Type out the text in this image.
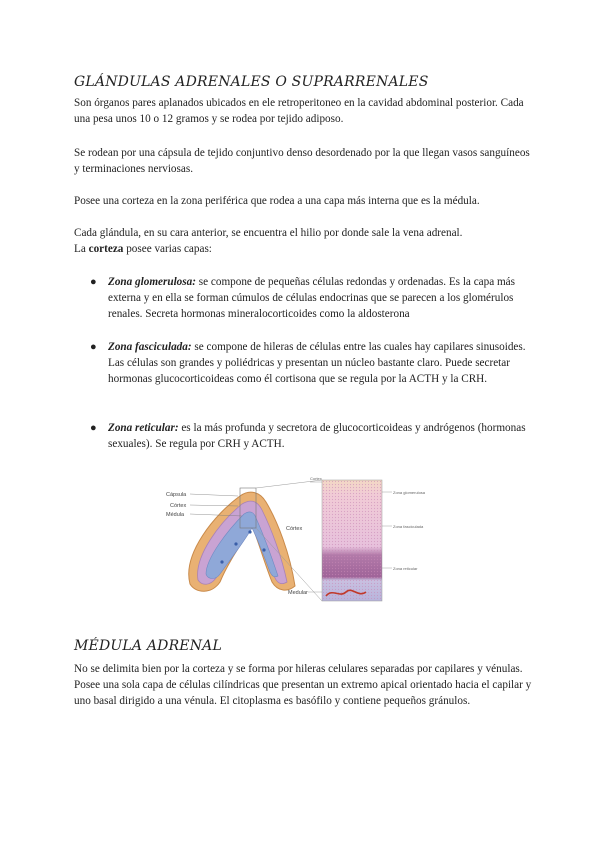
GLÁNDULAS ADRENALES O SUPRARRENALES

Son órganos pares aplanados ubicados en ele retroperitoneo en la cavidad abdominal posterior. Cada una pesa unos 10 o 12 gramos y se rodea por tejido adiposo.

Se rodean por una cápsula de tejido conjuntivo denso desordenado por la que llegan vasos sanguíneos y terminaciones nerviosas.

Posee una corteza en la zona periférica que rodea a una capa más interna que es la médula.

Cada glándula, en su cara anterior, se encuentra el hilio por donde sale la vena adrenal.

La corteza posee varias capas:

● Zona glomerulosa: se compone de pequeñas células redondas y ordenadas. Es la capa más externa y en ella se forman cúmulos de células endocrinas que se parecen a los glomérulos renales. Secreta hormonas mineralocorticoides como la aldosterona

● Zona fasciculada: se compone de hileras de células entre las cuales hay capilares sinusoides. Las células son grandes y poliédricas y presentan un núcleo bastante claro. Puede secretar hormonas glucocorticoideas como él cortisona que se regula por la ACTH y la CRH.

● Zona reticular: es la más profunda y secretora de glucocorticoideas y andrógenos (hormonas sexuales). Se regula por CRH y ACTH.

Cápsula
Córtex
Médula
Córtex
Medular
Cortex
Zona glomerulosa
Zona fasciculada
Zona reticular
MÉDULA ADRENAL

No se delimita bien por la corteza y se forma por hileras celulares separadas por capilares y vénulas. Posee una sola capa de células cilíndricas que presentan un extremo apical orientado hacia el capilar y uno basal dirigido a una vénula. El citoplasma es basófilo y contiene pequeños gránulos.
